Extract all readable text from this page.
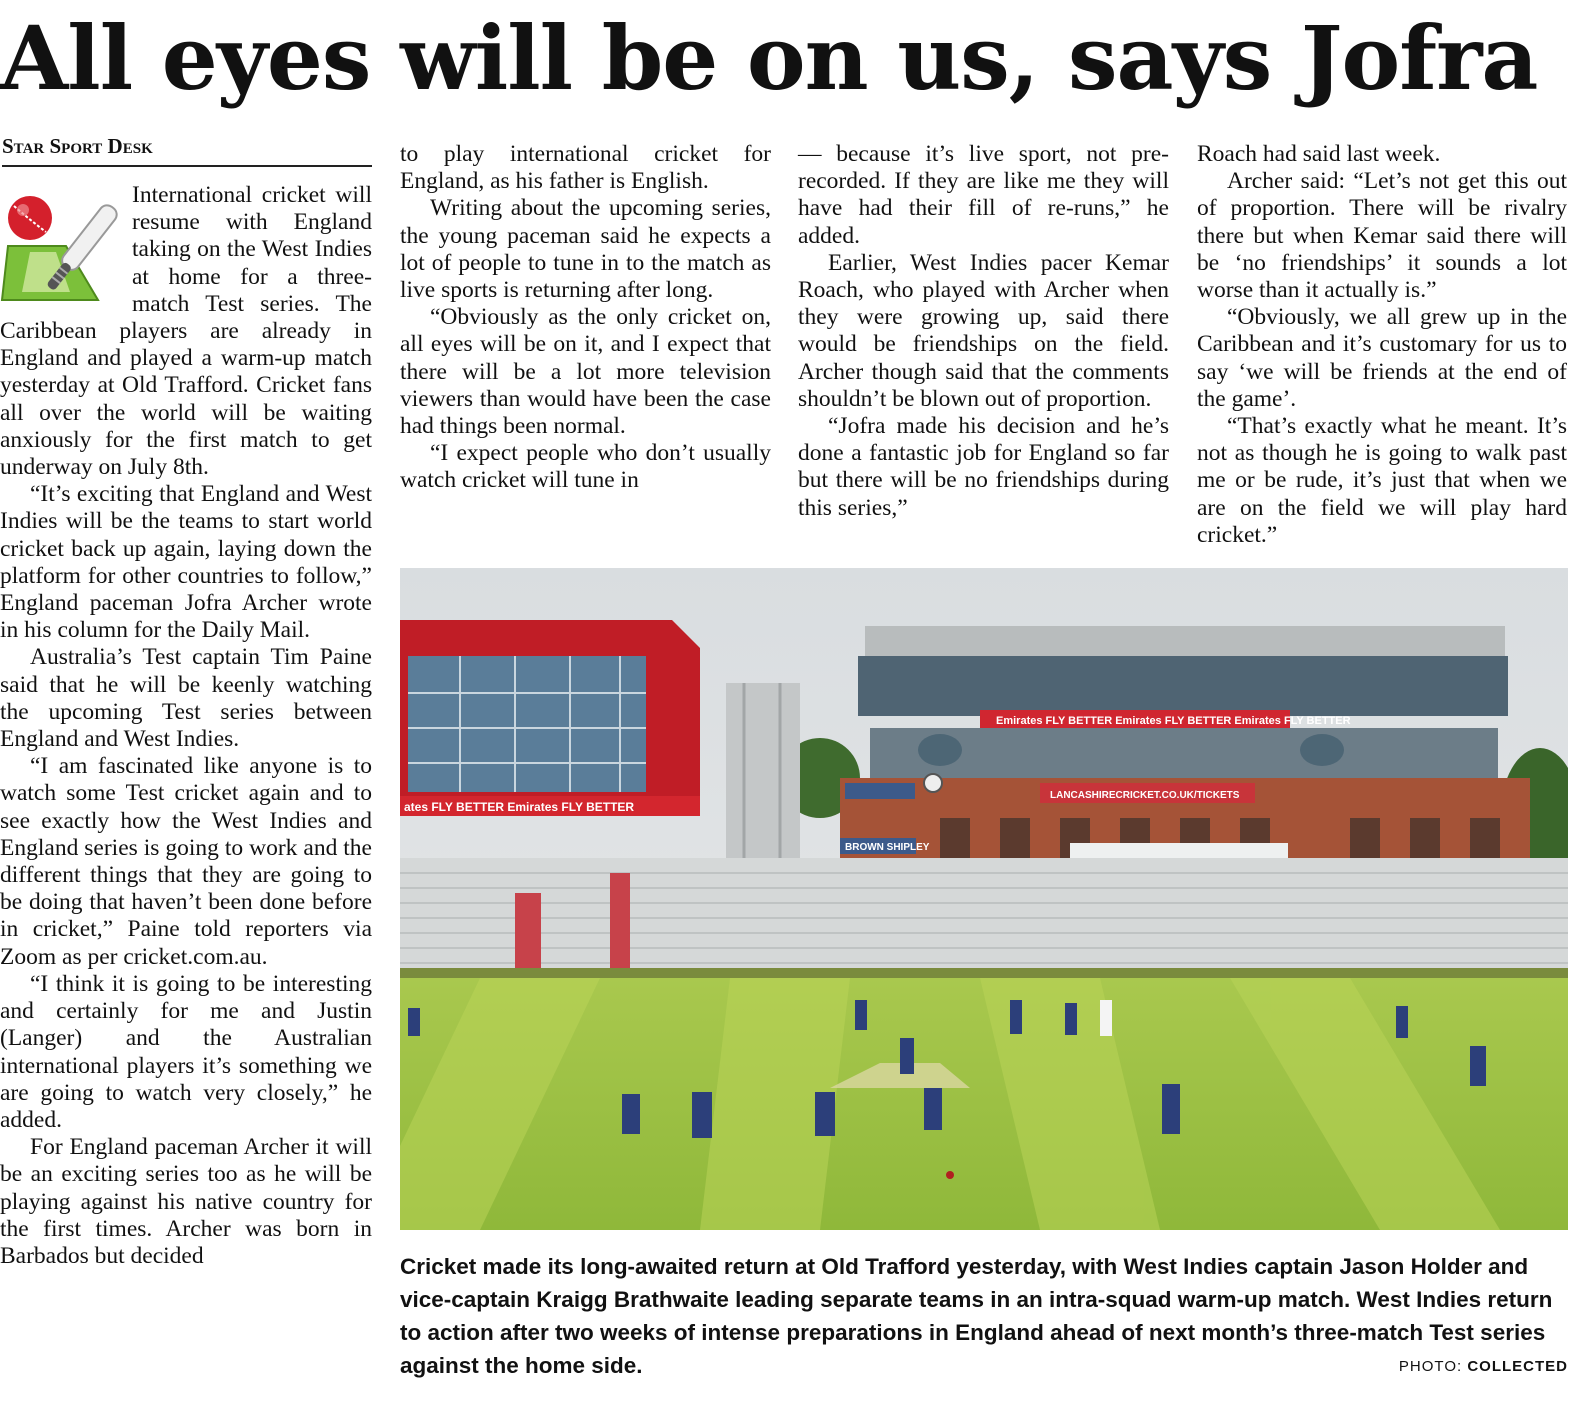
All eyes will be on us, says Jofra
Star Sport Desk

International cricket will resume with England taking on the West Indies at home for a three-match Test series. The Caribbean players are already in England and played a warm-up match yesterday at Old Trafford. Cricket fans all over the world will be waiting anxiously for the first match to get underway on July 8th.

“It’s exciting that England and West Indies will be the teams to start world cricket back up again, laying down the platform for other countries to follow,” England paceman Jofra Archer wrote in his column for the Daily Mail.

Australia’s Test captain Tim Paine said that he will be keenly watching the upcoming Test series between England and West Indies.

“I am fascinated like anyone is to watch some Test cricket again and to see exactly how the West Indies and England series is going to work and the different things that they are going to be doing that haven’t been done before in cricket,” Paine told reporters via Zoom as per cricket.com.au.

“I think it is going to be interesting and certainly for me and Justin (Langer) and the Australian international players it’s something we are going to watch very closely,” he added.

For England paceman Archer it will be an exciting series too as he will be playing against his native country for the first times. Archer was born in Barbados but decided

to play international cricket for England, as his father is English.

Writing about the upcoming series, the young paceman said he expects a lot of people to tune in to the match as live sports is returning after long.

“Obviously as the only cricket on, all eyes will be on it, and I expect that there will be a lot more television viewers than would have been the case had things been normal.

“I expect people who don’t usually watch cricket will tune in

— because it’s live sport, not pre-recorded. If they are like me they will have had their fill of re-runs,” he added.

Earlier, West Indies pacer Kemar Roach, who played with Archer when they were growing up, said there would be friendships on the field. Archer though said that the comments shouldn’t be blown out of proportion.

“Jofra made his decision and he’s done a fantastic job for England so far but there will be no friendships during this series,”

Roach had said last week.

Archer said: “Let’s not get this out of proportion. There will be rivalry there but when Kemar said there will be ‘no friendships’ it sounds a lot worse than it actually is.”

“Obviously, we all grew up in the Caribbean and it’s customary for us to say ‘we will be friends at the end of the game’.

“That’s exactly what he meant. It’s not as though he is going to walk past me or be rude, it’s just that when we are on the field we will play hard cricket.”

ates FLY BETTER Emirates FLY BETTER
Emirates FLY BETTER Emirates FLY BETTER Emirates FLY BETTER
LANCASHIRECRICKET.CO.UK/TICKETS
BROWN SHIPLEY
Cricket made its long-awaited return at Old Trafford yesterday, with West Indies captain Jason Holder and vice-captain Kraigg Brathwaite leading separate teams in an intra-squad warm-up match. West Indies return to action after two weeks of intense preparations in England ahead of next month’s three-match Test series against the home side.	PHOTO: COLLECTED
